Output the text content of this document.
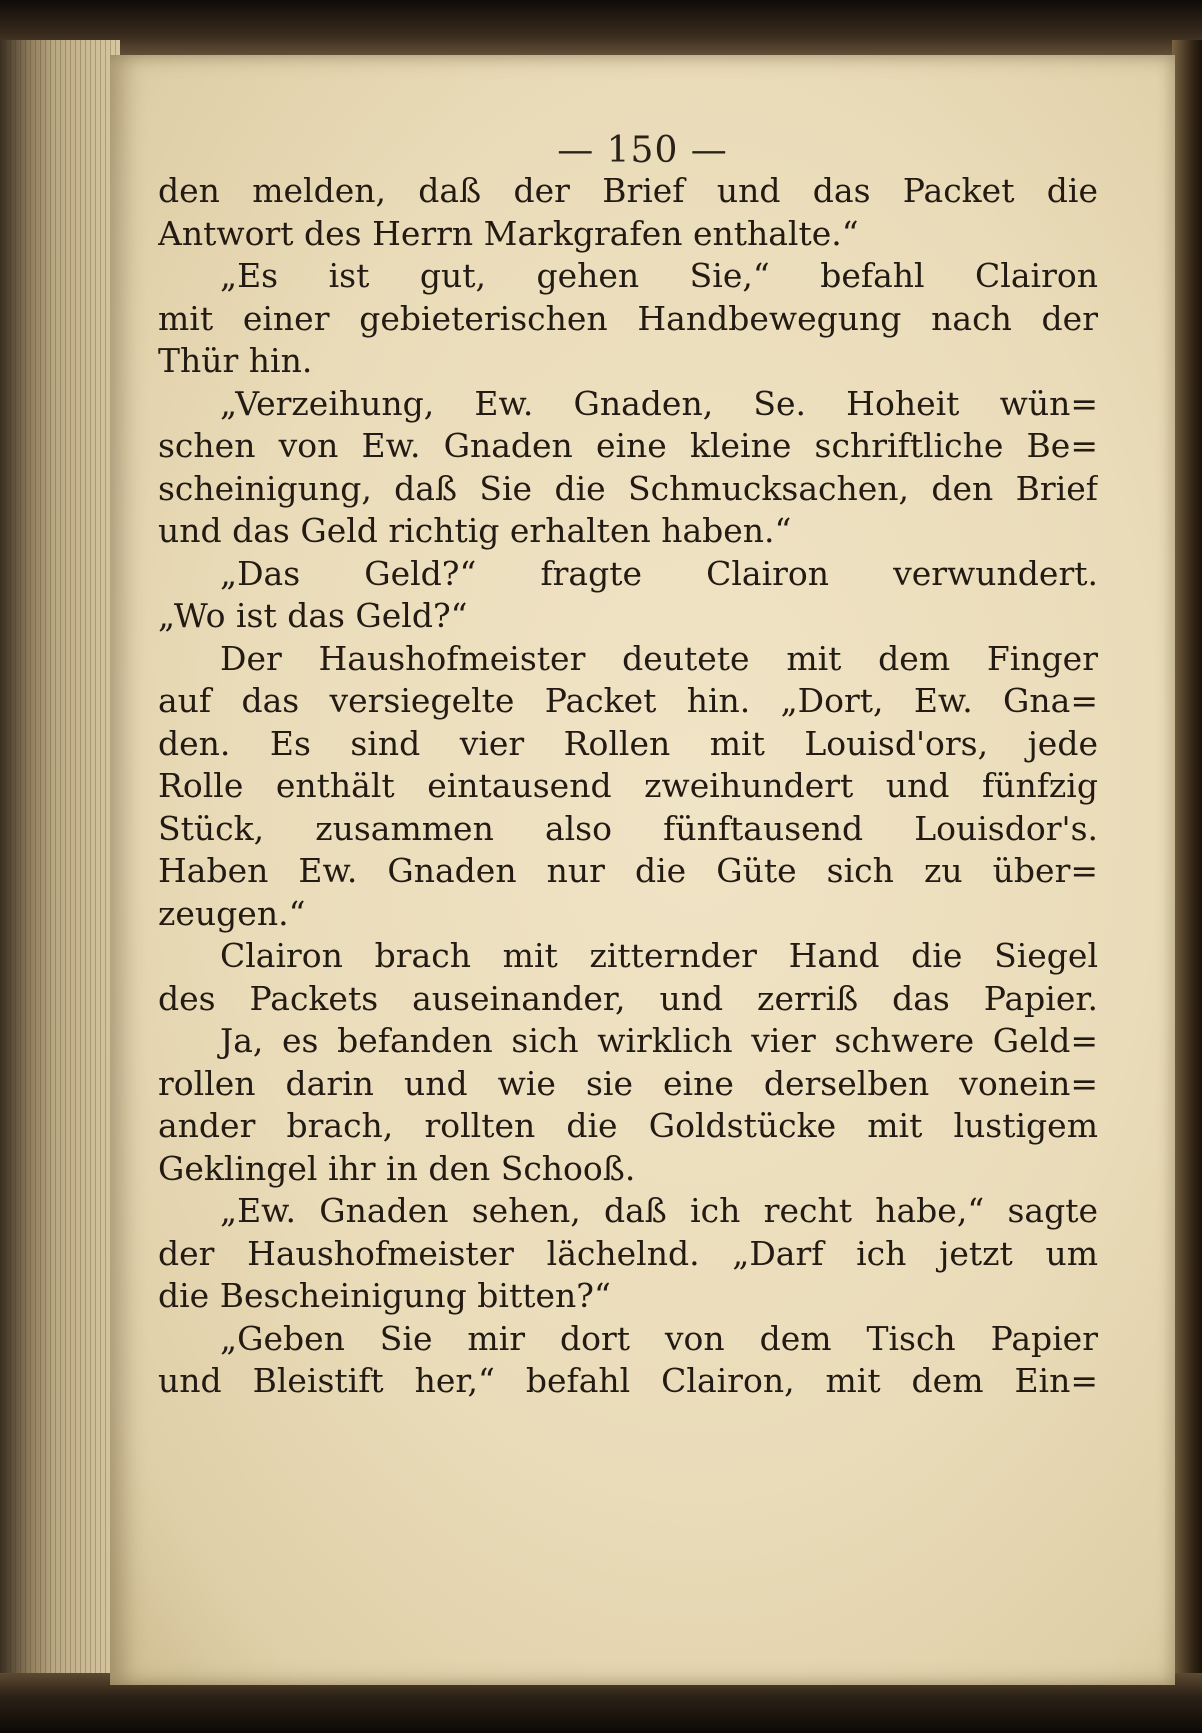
— 150 —
den melden, daß der Brief und das Packet die
Antwort des Herrn Markgrafen enthalte.“
„Es ist gut, gehen Sie,“ befahl Clairon
mit einer gebieterischen Handbewegung nach der
Thür hin.
„Verzeihung, Ew. Gnaden, Se. Hoheit wün=
schen von Ew. Gnaden eine kleine schriftliche Be=
scheinigung, daß Sie die Schmucksachen, den Brief
und das Geld richtig erhalten haben.“
„Das Geld?“ fragte Clairon verwundert.
„Wo ist das Geld?“
Der Haushofmeister deutete mit dem Finger
auf das versiegelte Packet hin. „Dort, Ew. Gna=
den. Es sind vier Rollen mit Louisd'ors, jede
Rolle enthält eintausend zweihundert und fünfzig
Stück, zusammen also fünftausend Louisdor's.
Haben Ew. Gnaden nur die Güte sich zu über=
zeugen.“
Clairon brach mit zitternder Hand die Siegel
des Packets auseinander, und zerriß das Papier.
Ja, es befanden sich wirklich vier schwere Geld=
rollen darin und wie sie eine derselben vonein=
ander brach, rollten die Goldstücke mit lustigem
Geklingel ihr in den Schooß.
„Ew. Gnaden sehen, daß ich recht habe,“ sagte
der Haushofmeister lächelnd. „Darf ich jetzt um
die Bescheinigung bitten?“
„Geben Sie mir dort von dem Tisch Papier
und Bleistift her,“ befahl Clairon, mit dem Ein=
